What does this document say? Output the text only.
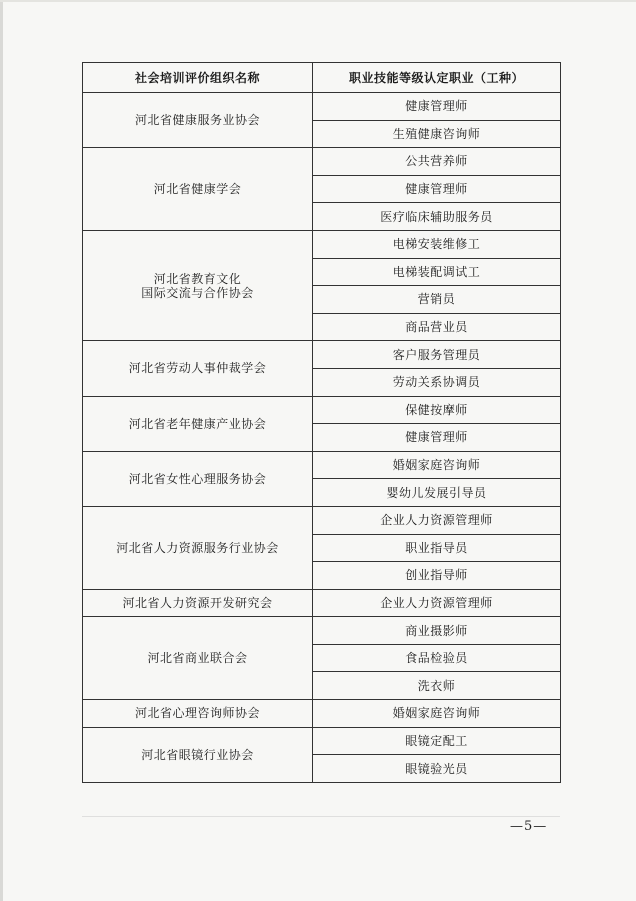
社会培训评价组织名称	职业技能等级认定职业（工种）

河北省健康服务业协会	健康管理师
	生殖健康咨询师

河北省健康学会	公共营养师
	健康管理师
	医疗临床辅助服务员

河北省教育文化
国际交流与合作协会	电梯安装维修工
	电梯装配调试工
	营销员
	商品营业员

河北省劳动人事仲裁学会	客户服务管理员
	劳动关系协调员

河北省老年健康产业协会	保健按摩师
	健康管理师

河北省女性心理服务协会	婚姻家庭咨询师
	婴幼儿发展引导员

河北省人力资源服务行业协会	企业人力资源管理师
	职业指导员
	创业指导师

河北省人力资源开发研究会	企业人力资源管理师

河北省商业联合会	商业摄影师
	食品检验员
	洗衣师

河北省心理咨询师协会	婚姻家庭咨询师

河北省眼镜行业协会	眼镜定配工
	眼镜验光员
—5—
